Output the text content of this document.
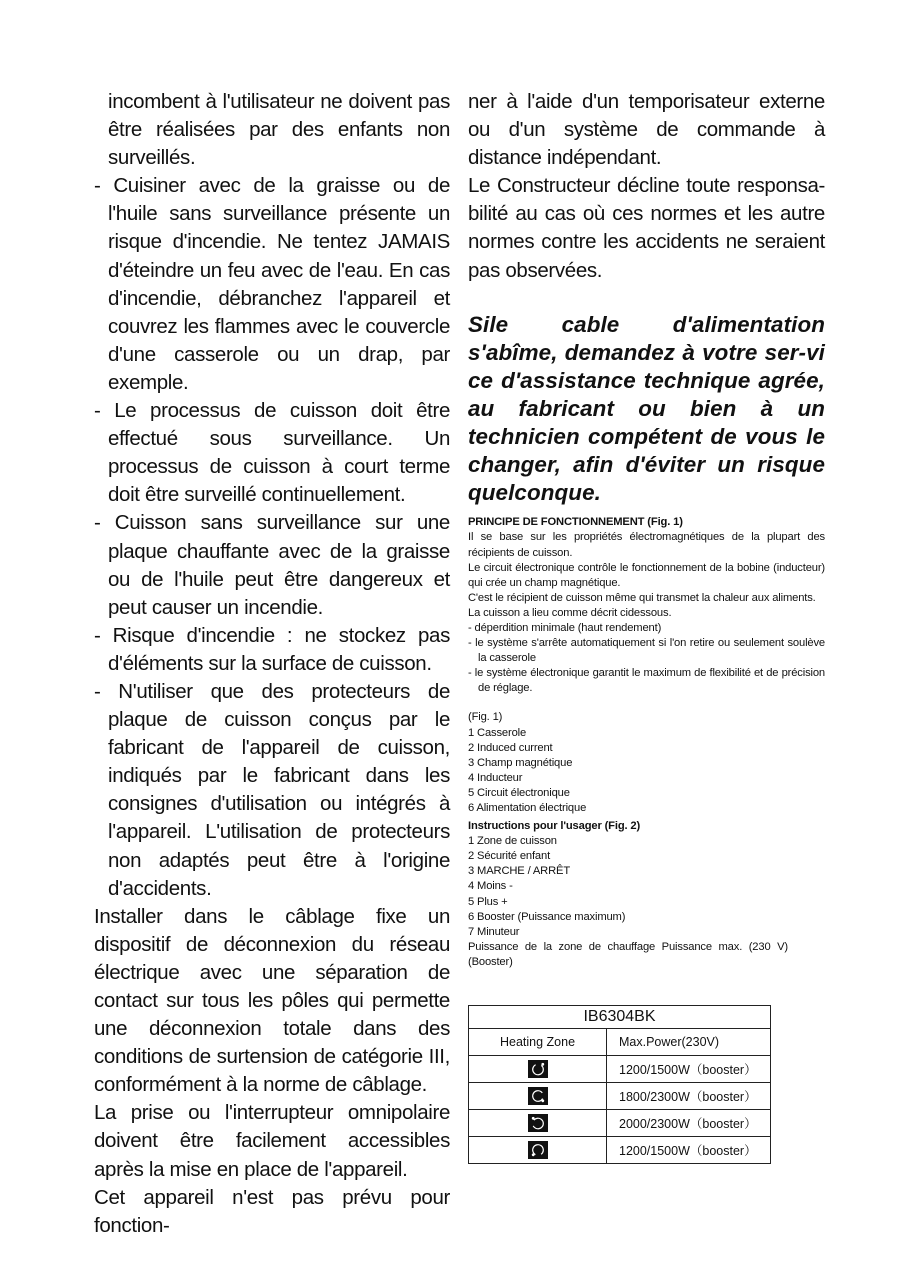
incombent à l'utilisateur ne doivent pas être réalisées par des enfants non surveillés.

- Cuisiner avec de la graisse ou de l'huile sans surveillance présente un risque d'incendie. Ne tentez JAMAIS d'éteindre un feu avec de l'eau. En cas d'incendie, débranchez l'appareil et couvrez les flammes avec le couvercle d'une casserole ou un drap, par exemple.

- Le processus de cuisson doit être effectué sous surveillance. Un processus de cuisson à court terme doit être surveillé continuellement.

- Cuisson sans surveillance sur une plaque chauffante avec de la graisse ou de l'huile peut être dangereux et peut causer un incendie.

- Risque d'incendie : ne stockez pas d'éléments sur la surface de cuisson.

- N'utiliser que des protecteurs de plaque de cuisson conçus par le fabricant de l'appareil de cuisson, indiqués par le fabricant dans les consignes d'utilisation ou intégrés à l'appareil. L'utilisation de protecteurs non adaptés peut être à l'origine d'accidents.

Installer dans le câblage fixe un dispositif de déconnexion du réseau électrique avec une séparation de contact sur tous les pôles qui permette une déconnexion totale dans des conditions de surtension de catégorie III, conformément à la norme de câblage.

La prise ou l'interrupteur omnipolaire doivent être facilement accessibles après la mise en place de l'appareil.

Cet appareil n'est pas prévu pour fonction-

ner à l'aide d'un temporisateur externe ou d'un système de commande à distance indépendant.

Le Constructeur décline toute responsa-bilité au cas où ces normes et les autre normes contre les accidents ne seraient pas observées.

Sile cable d'alimentation s'abîme, demandez à votre ser-vi ce d'assistance technique agrée, au fabricant ou bien à un technicien compétent de vous le changer, afin d'éviter un risque quelconque.

PRINCIPE DE FONCTIONNEMENT (Fig. 1)

Il se base sur les propriétés électromagnétiques de la plupart des récipients de cuisson.

Le circuit électronique contrôle le fonctionnement de la bobine (inducteur) qui crée un champ magnétique.

C'est le récipient de cuisson même qui transmet la chaleur aux aliments.

La cuisson a lieu comme décrit cidessous.

- déperdition minimale (haut rendement)

- le système s'arrête automatiquement si l'on retire ou seulement soulève la casserole

- le système électronique garantit le maximum de flexibilité et de précision de réglage.

(Fig. 1)

1 Casserole

2 Induced current

3 Champ magnétique

4 Inducteur

5 Circuit électronique

6 Alimentation électrique

Instructions pour l'usager (Fig. 2)

1 Zone de cuisson

2 Sécurité enfant

3 MARCHE / ARRÊT

4 Moins -

5 Plus +

6 Booster (Puissance maximum)

7 Minuteur

Puissance de la zone de chauffage Puissance max. (230 V) (Booster)

IB6304BK	
Heating Zone	Max.Power(230V)

	1200/1500W（booster）

	1800/2300W（booster）

	2000/2300W（booster）

	1200/1500W（booster）
